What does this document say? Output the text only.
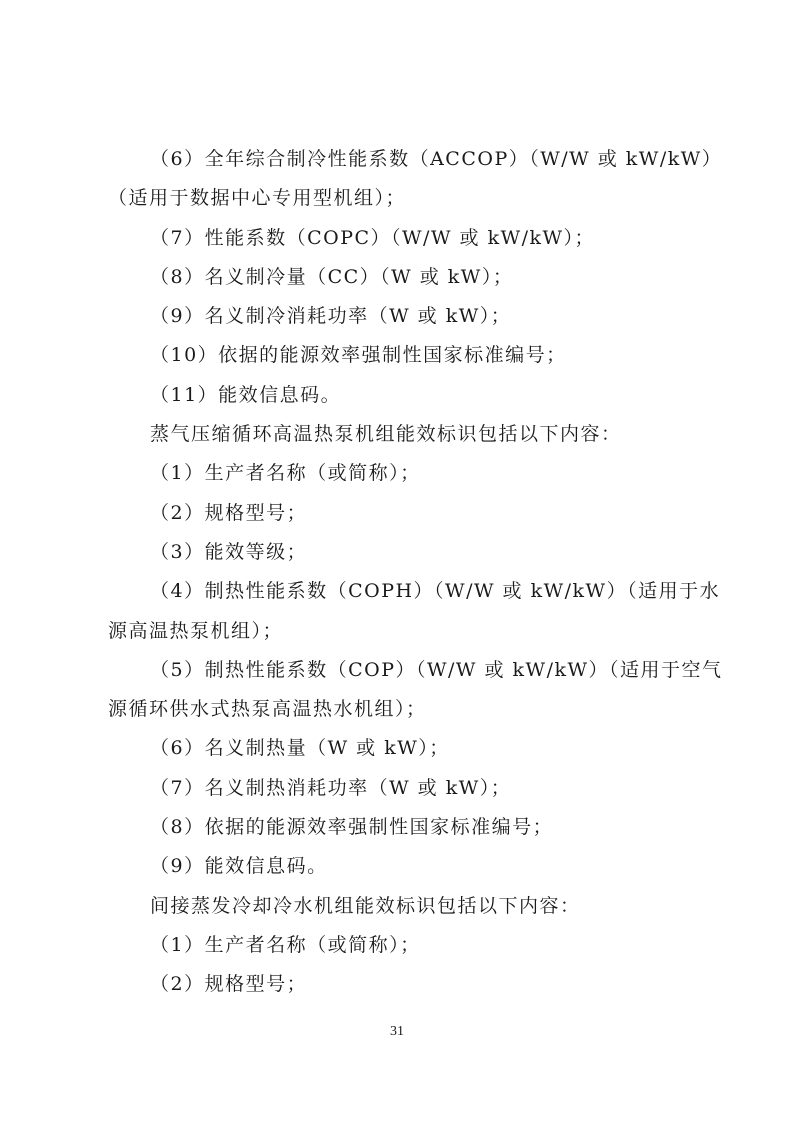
（6）全年综合制冷性能系数（ACCOP）（W/W 或 kW/kW）
（适用于数据中心专用型机组）；
（7）性能系数（COPC）（W/W 或 kW/kW）；
（8）名义制冷量（CC）（W 或 kW）；
（9）名义制冷消耗功率（W 或 kW）；
（10）依据的能源效率强制性国家标准编号；
（11）能效信息码。
蒸气压缩循环高温热泵机组能效标识包括以下内容：
（1）生产者名称（或简称）；
（2）规格型号；
（3）能效等级；
（4）制热性能系数（COPH）（W/W 或 kW/kW）（适用于水
源高温热泵机组）；
（5）制热性能系数（COP）（W/W 或 kW/kW）（适用于空气
源循环供水式热泵高温热水机组）；
（6）名义制热量（W 或 kW）；
（7）名义制热消耗功率（W 或 kW）；
（8）依据的能源效率强制性国家标准编号；
（9）能效信息码。
间接蒸发冷却冷水机组能效标识包括以下内容：
（1）生产者名称（或简称）；
（2）规格型号；
31
